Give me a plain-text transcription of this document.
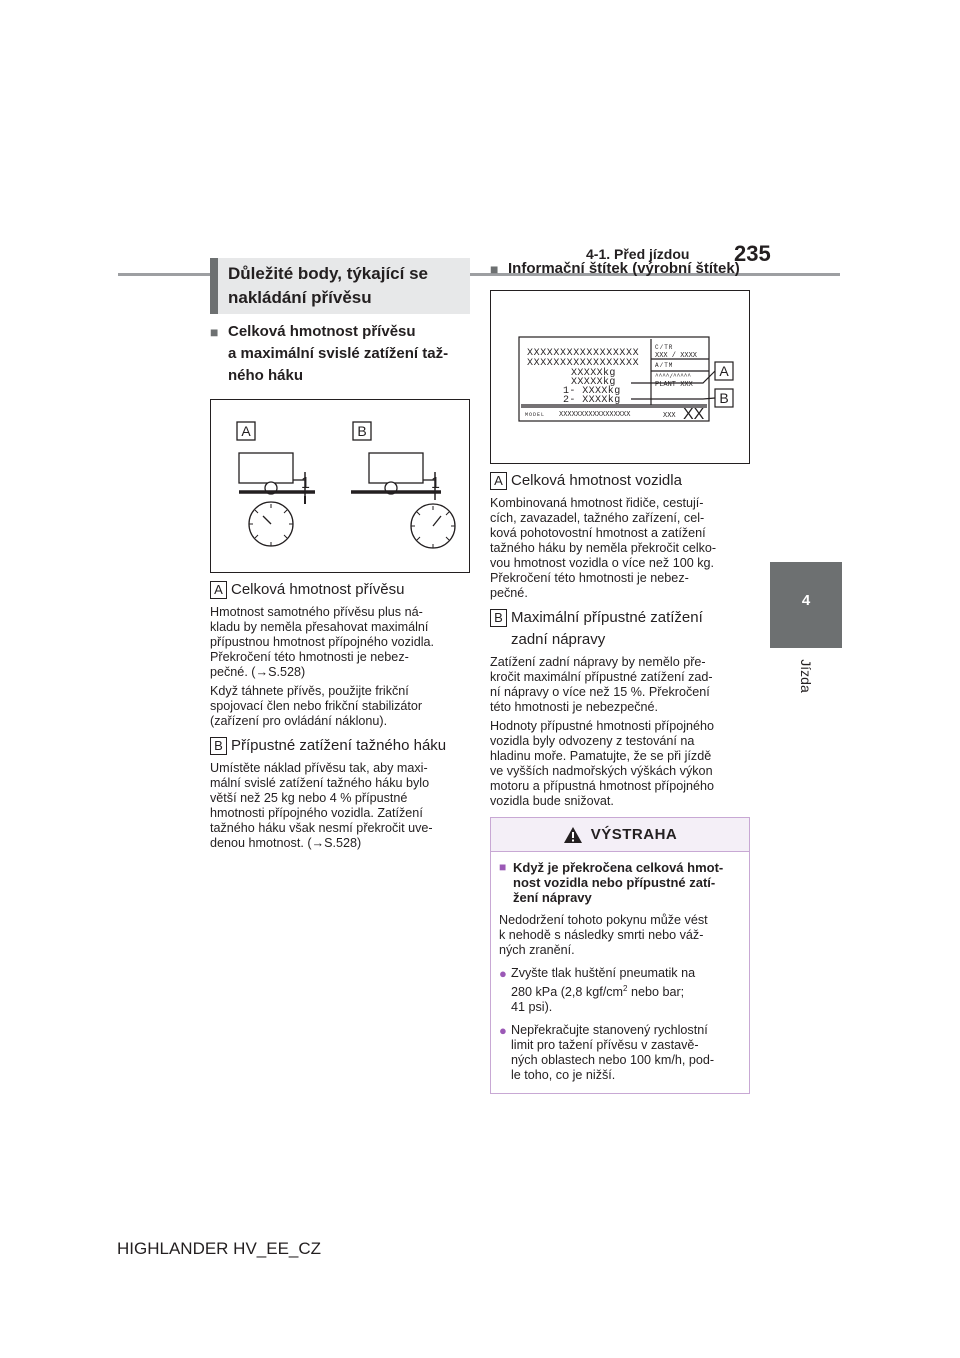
4-1. Před jízdou 235
4
Jízda
HIGHLANDER HV_EE_CZ
Důležité body, týkající se
nakládání přívěsu
■ Celková hmotnost přívěsu
a maximální svislé zatížení taž-
ného háku
A	B
1	1
A Celková hmotnost přívěsu
Hmotnost samotného přívěsu plus ná-
kladu by neměla přesahovat maximální
přípustnou hmotnost přípojného vozidla.
Překročení této hmotnosti je nebez-
pečné. (→S.528)
Když táhnete přívěs, použijte frikční
spojovací člen nebo frikční stabilizátor
(zařízení pro ovládání náklonu).
B Přípustné zatížení tažného háku
Umístěte náklad přívěsu tak, aby maxi-
mální svislé zatížení tažného háku bylo
větší než 25 kg nebo 4 % přípustné
hmotnosti přípojného vozidla. Zatížení
tažného háku však nesmí překročit uve-
denou hmotnost. (→S.528)
■ Informační štítek (výrobní štítek)
XXXXXXXXXXXXXXXXX
XXXXXXXXXXXXXXXXX
XXXXXkg
XXXXXkg
1- XXXXkg
2- XXXXkg
C/TR
XXX / XXXX
A/TM
^^^^/^^^^^
PLANT XXX
MODEL XXXXXXXXXXXXXXXXX	XXX XX
A
B
A Celková hmotnost vozidla
Kombinovaná hmotnost řidiče, cestují-
cích, zavazadel, tažného zařízení, cel-
ková pohotovostní hmotnost a zatížení
tažného háku by neměla překročit celko-
vou hmotnost vozidla o více než 100 kg.
Překročení této hmotnosti je nebez-
pečné.
B Maximální přípustné zatížení
zadní nápravy
Zatížení zadní nápravy by nemělo pře-
kročit maximální přípustné zatížení zad-
ní nápravy o více než 15 %. Překročení
této hmotnosti je nebezpečné.
Hodnoty přípustné hmotnosti přípojného
vozidla byly odvozeny z testování na
hladinu moře. Pamatujte, že se při jízdě
ve vyšších nadmořských výškách výkon
motoru a přípustná hmotnost přípojného
vozidla bude snižovat.
VÝSTRAHA
■ Když je překročena celková hmot-
nost vozidla nebo přípustné zatí-
žení nápravy
Nedodržení tohoto pokynu může vést
k nehodě s následky smrti nebo váž-
ných zranění.
● Zvyšte tlak huštění pneumatik na
280 kPa (2,8 kgf/$cm^2$ nebo bar;
41 psi).
● Nepřekračujte stanovený rychlostní
limit pro tažení přívěsu v zastavě-
ných oblastech nebo 100 km/h, pod-
le toho, co je nižší.
